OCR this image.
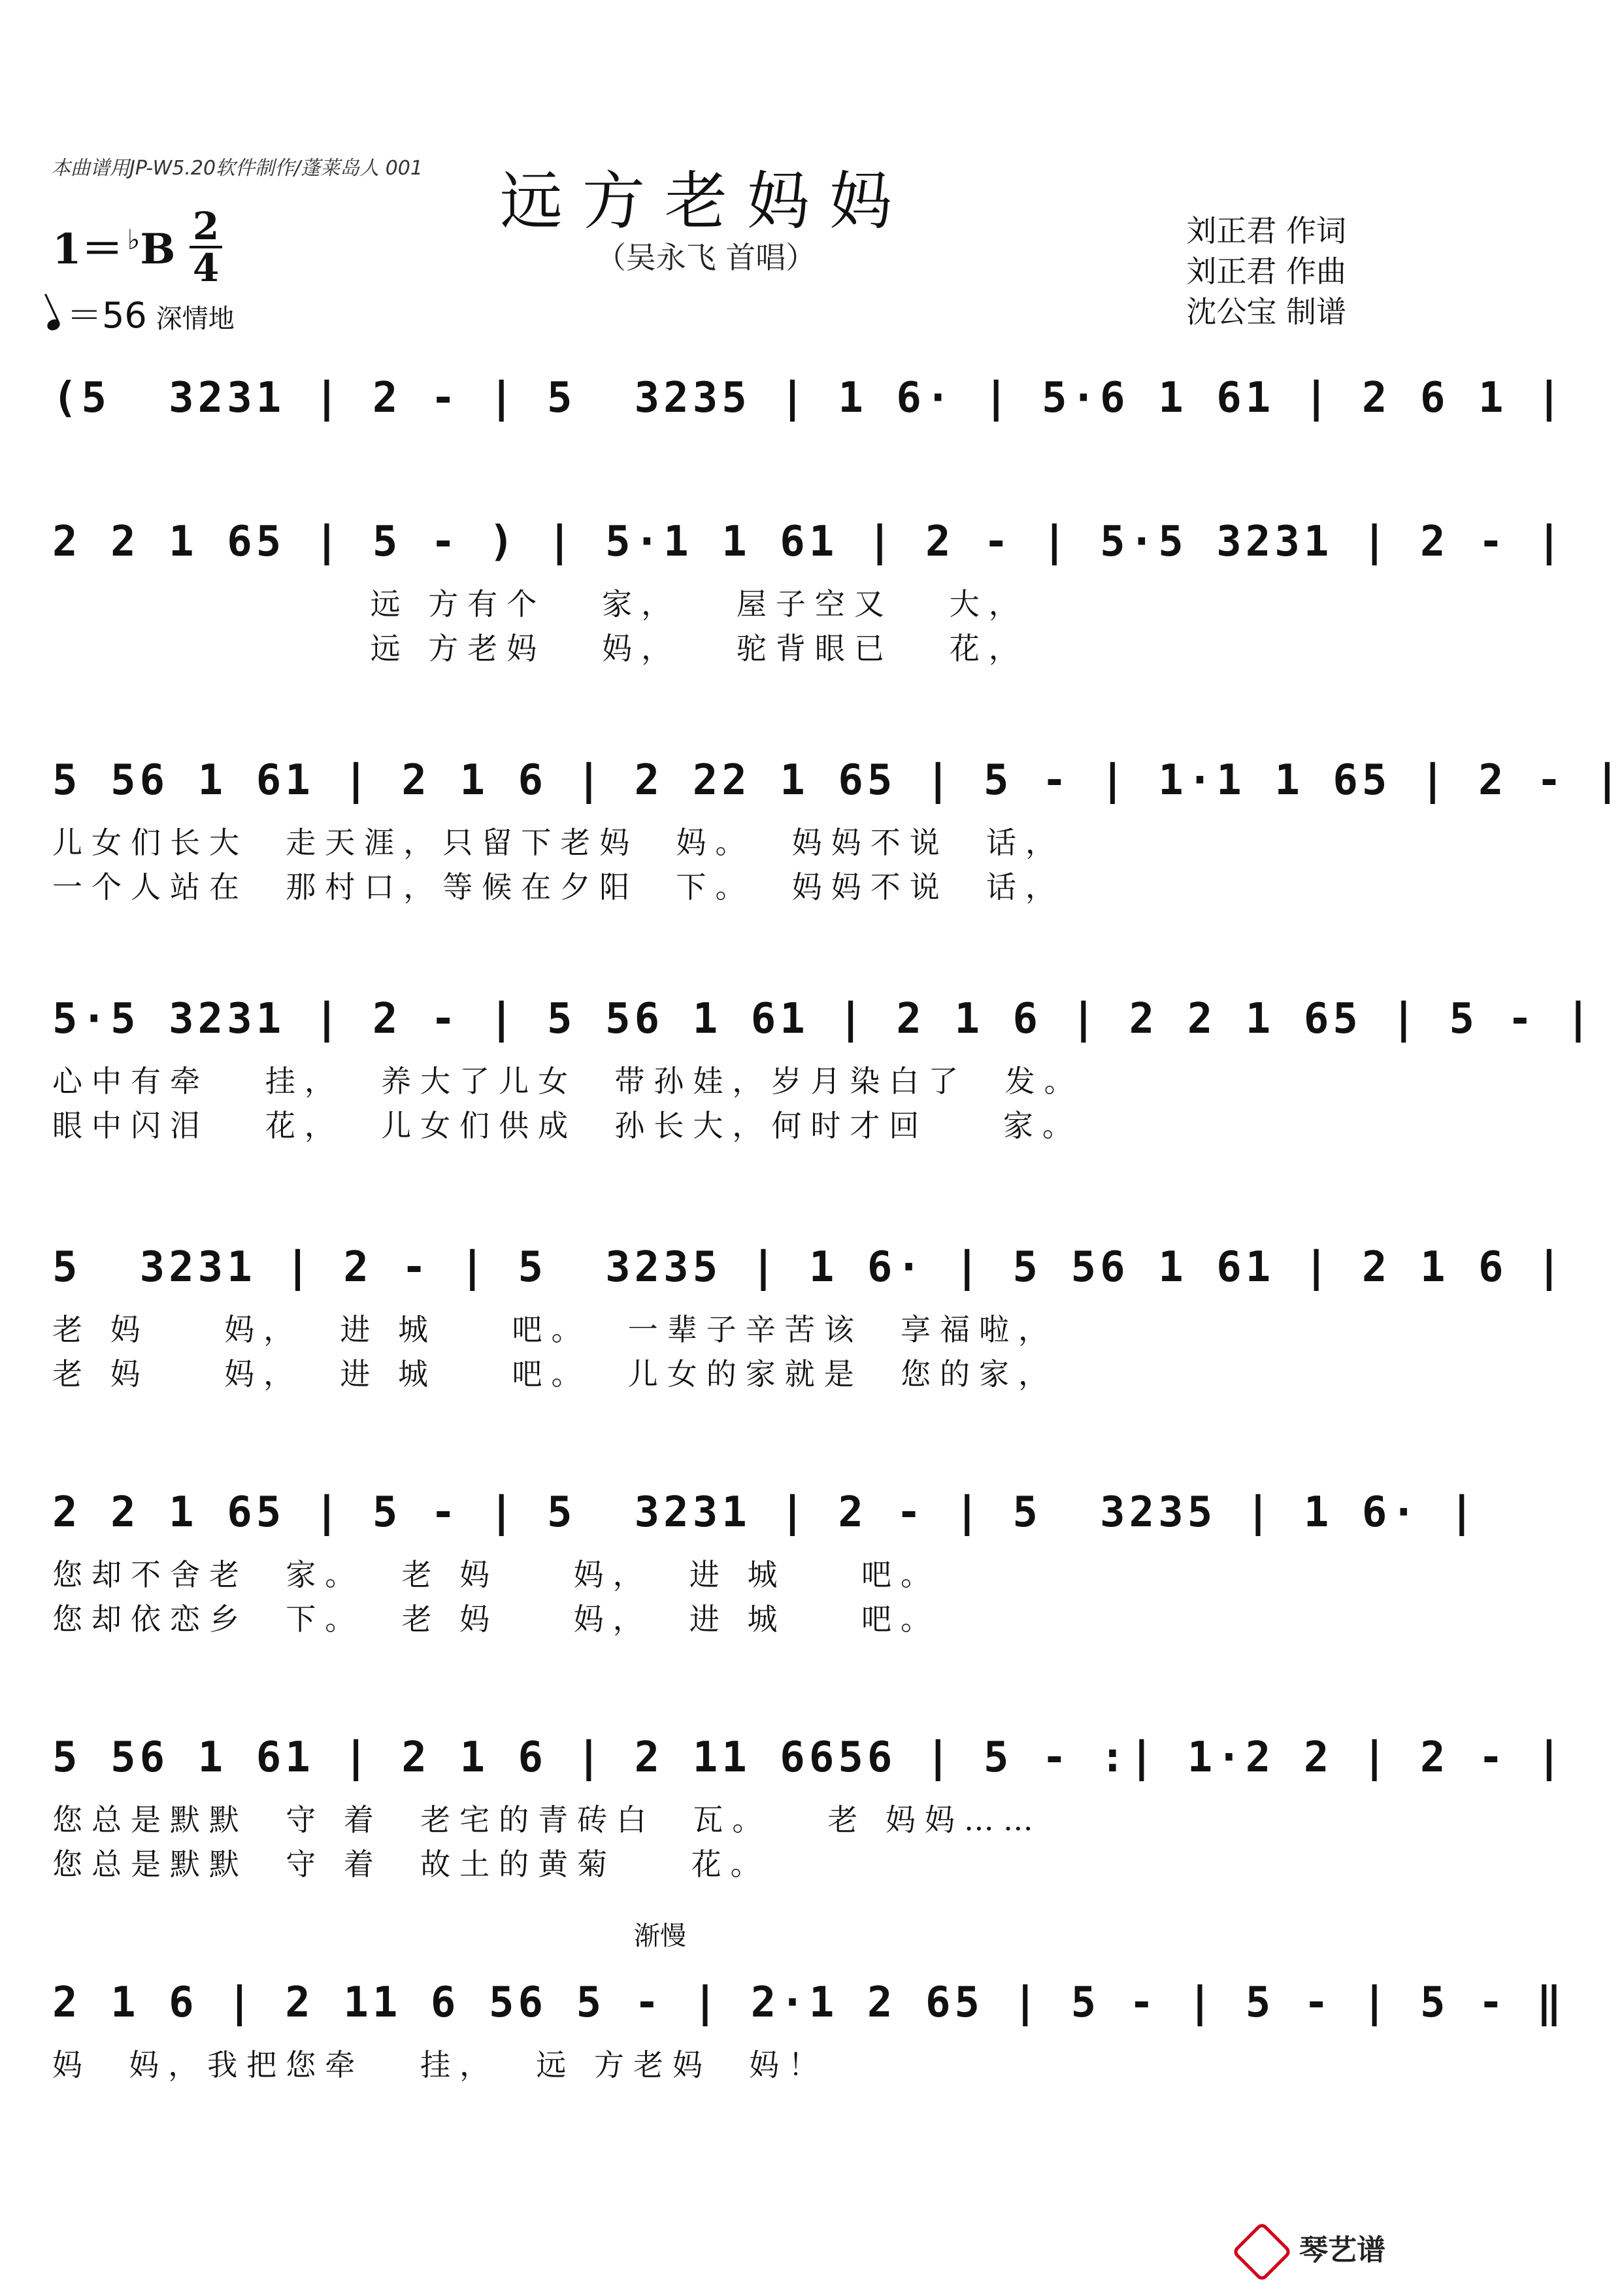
本曲谱用JP-W5.20软件制作/蓬莱岛人 001	远方老妈妈
（吴永飞 首唱）
刘正君 作词
刘正君 作曲
沈公宝 制谱
1＝ ♭B 2
4
＝56 深情地
渐慢
(5  3231 | 2 - | 5  3235 | 1 6· | 5·6 1 61 | 2 6 1 |
2 2 1 65 | 5 - ) | 5·1 1 61 | 2 - | 5·5 3231 | 2 - |
远 方有个   家，   屋子空又   大，
远 方老妈   妈，   驼背眼已   花，
5 56 1 61 | 2 1 6 | 2 22 1 65 | 5 - | 1·1 1 65 | 2 - |
儿女们长大  走天涯，只留下老妈  妈。  妈妈不说  话，
一个人站在  那村口，等候在夕阳  下。  妈妈不说  话，
5·5 3231 | 2 - | 5 56 1 61 | 2 1 6 | 2 2 1 65 | 5 - |
心中有牵   挂，  养大了儿女  带孙娃，岁月染白了  发。
眼中闪泪   花，  儿女们供成  孙长大，何时才回    家。
5  3231 | 2 - | 5  3235 | 1 6· | 5 56 1 61 | 2 1 6 |
老 妈    妈，  进 城    吧。  一辈子辛苦该  享福啦，
老 妈    妈，  进 城    吧。  儿女的家就是  您的家，
2 2 1 65 | 5 - | 5  3231 | 2 - | 5  3235 | 1 6· |
您却不舍老  家。  老 妈    妈，  进 城    吧。
您却依恋乡  下。  老 妈    妈，  进 城    吧。
5 56 1 61 | 2 1 6 | 2 11 6656 | 5 - :| 1·2 2 | 2 - |
您总是默默  守 着  老宅的青砖白  瓦。   老 妈妈……
您总是默默  守 着  故土的黄菊    花。
2 1 6 | 2 11 6 56 5 - | 2·1 2 65 | 5 - | 5 - | 5 - ‖
妈  妈，我把您牵   挂，  远 方老妈  妈！
琴艺谱
